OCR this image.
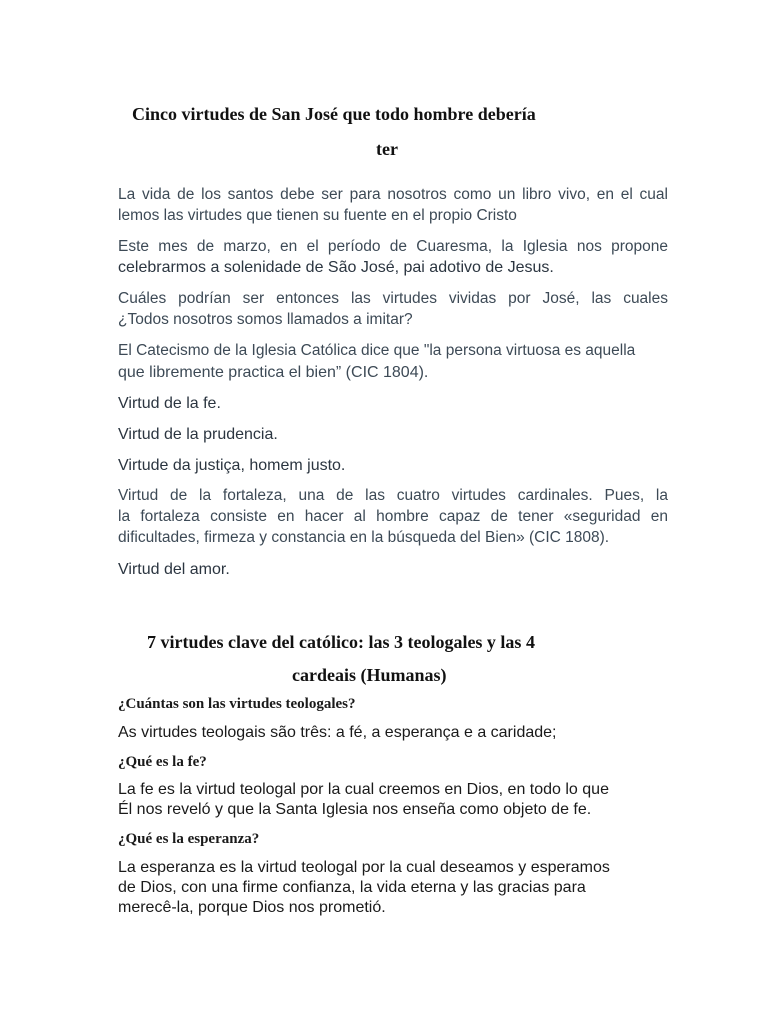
Cinco virtudes de San José que todo hombre debería
ter
La vida de los santos debe ser para nosotros como un libro vivo, en el cual
lemos las virtudes que tienen su fuente en el propio Cristo
Este mes de marzo, en el período de Cuaresma, la Iglesia nos propone
celebrarmos a solenidade de São José, pai adotivo de Jesus.
Cuáles podrían ser entonces las virtudes vividas por José, las cuales
¿Todos nosotros somos llamados a imitar?
El Catecismo de la Iglesia Católica dice que "la persona virtuosa es aquella
que libremente practica el bien” (CIC 1804).
Virtud de la fe.
Virtud de la prudencia.
Virtude da justiça, homem justo.
Virtud de la fortaleza, una de las cuatro virtudes cardinales. Pues, la
la fortaleza consiste en hacer al hombre capaz de tener «seguridad en
dificultades, firmeza y constancia en la búsqueda del Bien» (CIC 1808).
Virtud del amor.
7 virtudes clave del católico: las 3 teologales y las 4
cardeais (Humanas)
¿Cuántas son las virtudes teologales?
As virtudes teologais são três: a fé, a esperança e a caridade;
¿Qué es la fe?
La fe es la virtud teologal por la cual creemos en Dios, en todo lo que
Él nos reveló y que la Santa Iglesia nos enseña como objeto de fe.
¿Qué es la esperanza?
La esperanza es la virtud teologal por la cual deseamos y esperamos
de Dios, con una firme confianza, la vida eterna y las gracias para
merecê-la, porque Dios nos prometió.
